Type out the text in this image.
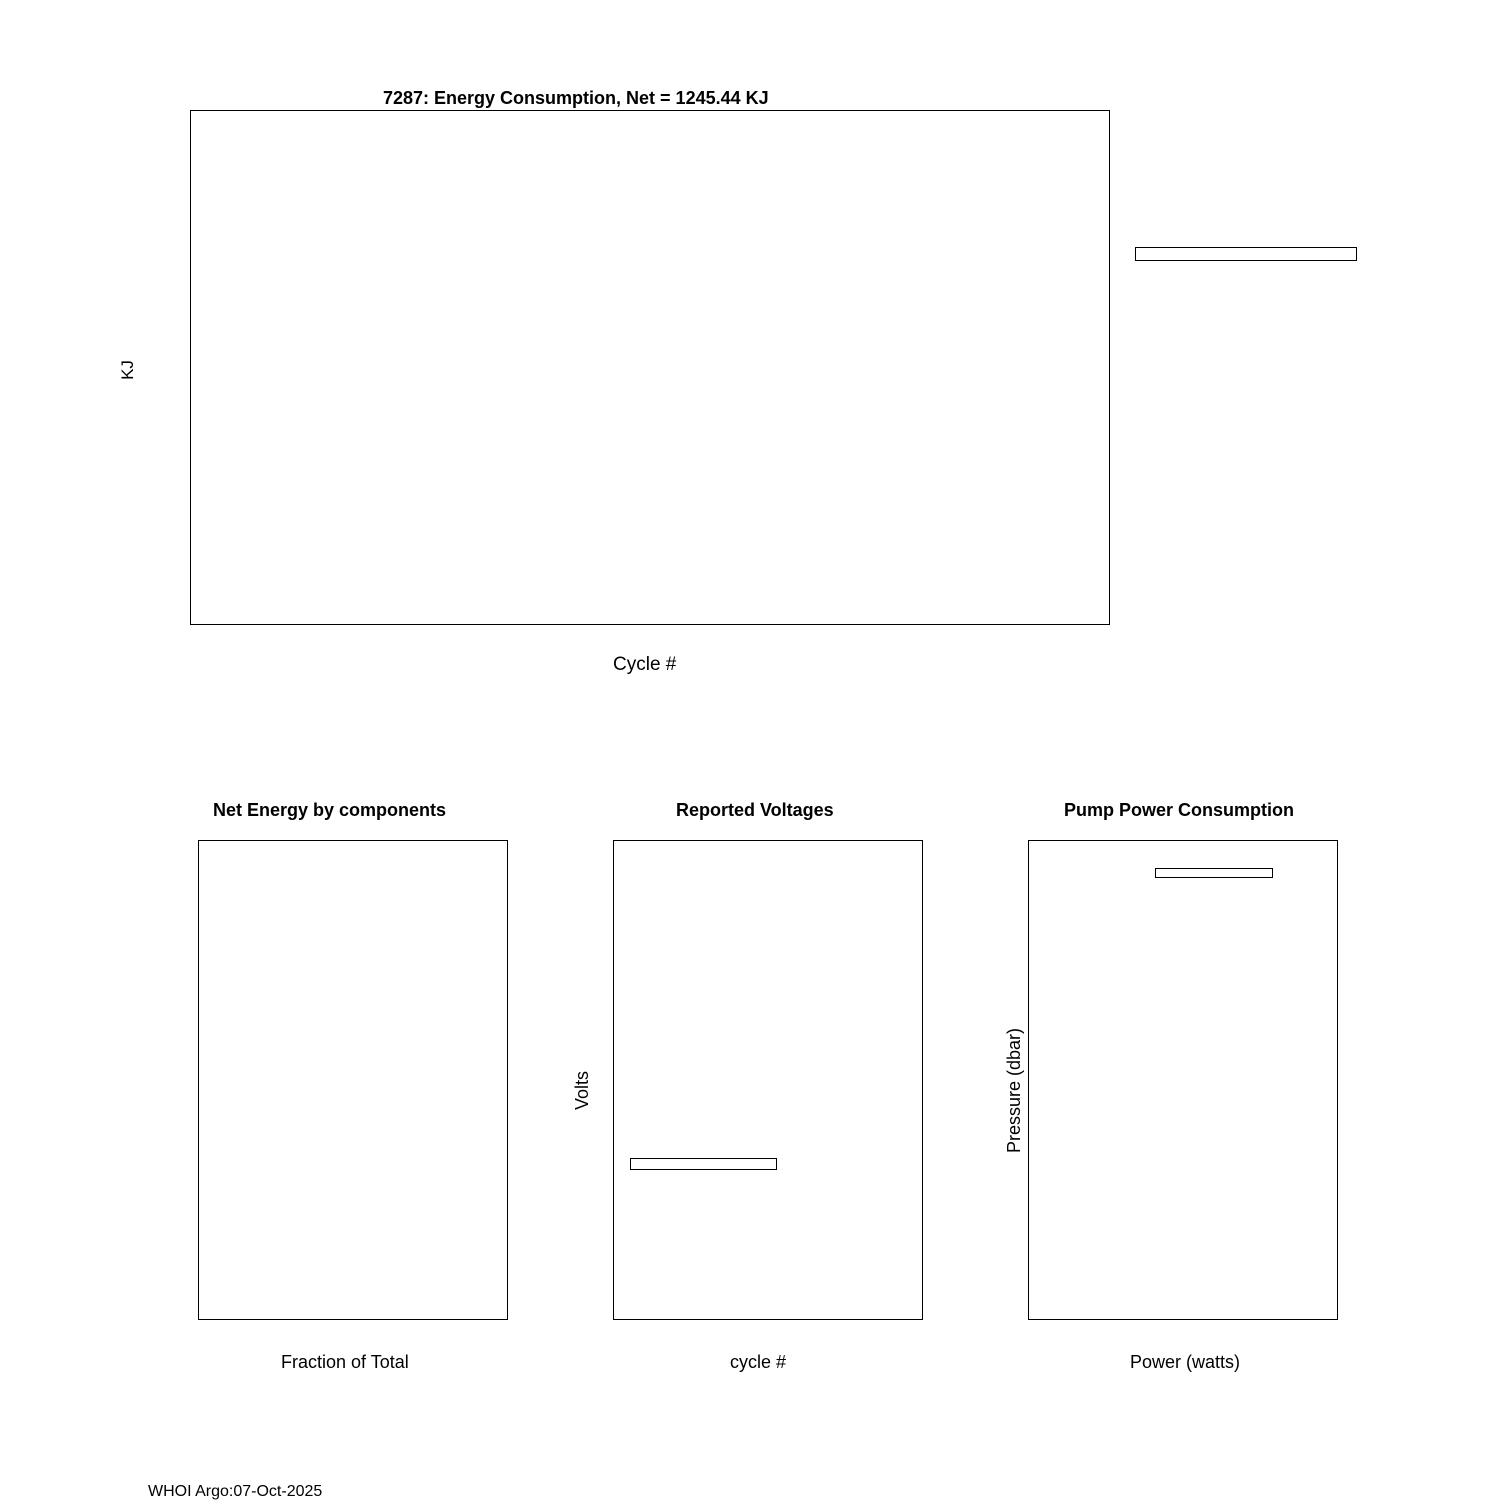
7287: Energy Consumption, Net = 1245.44 KJ
KJ
Cycle #
Net Energy by components
Fraction of Total
Reported Voltages
Volts
cycle #
Pump Power Consumption
Pressure (dbar)
Power (watts)
WHOI Argo:07-Oct-2025
